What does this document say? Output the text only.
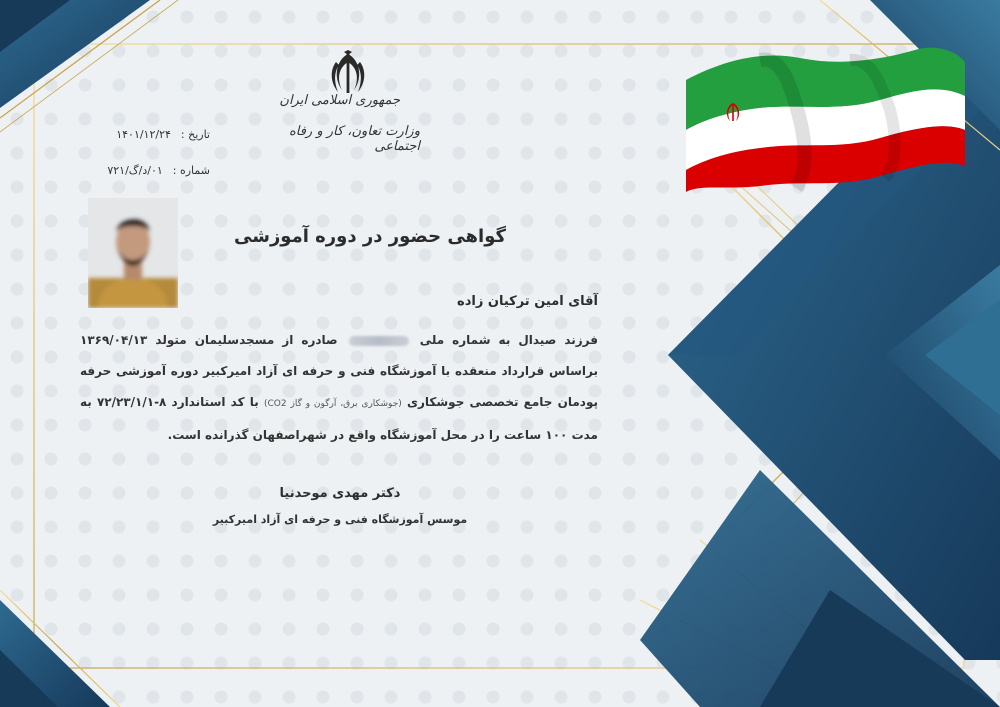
جمهوری اسلامی ایران
وزارت تعاون، کار و رفاه اجتماعی
تاریخ :
۱۴۰۱/۱۲/۲۴
شماره :
۰۱/د/گ/۷۲۱
گواهی حضور در دوره آموزشی
آقای امین ترکیان زاده
فرزند صیدال به شماره ملی  صادره از مسجدسلیمان متولد ۱۳۶۹/۰۴/۱۳ براساس قرارداد منعقده با آموزشگاه فنی و حرفه ای آزاد امیرکبیر دوره آموزشی حرفه پودمان جامع تخصصی جوشکاری (جوشکاری برق، آرگون و گاز CO2) با کد استاندارد ۸-۷۲/۲۳/۱/۱ به مدت ۱۰۰ ساعت را در محل آموزشگاه واقع در شهراصفهان گذرانده است.
دکتر مهدی موحدنیا
موسس آموزشگاه فنی و حرفه ای آزاد امیرکبیر
